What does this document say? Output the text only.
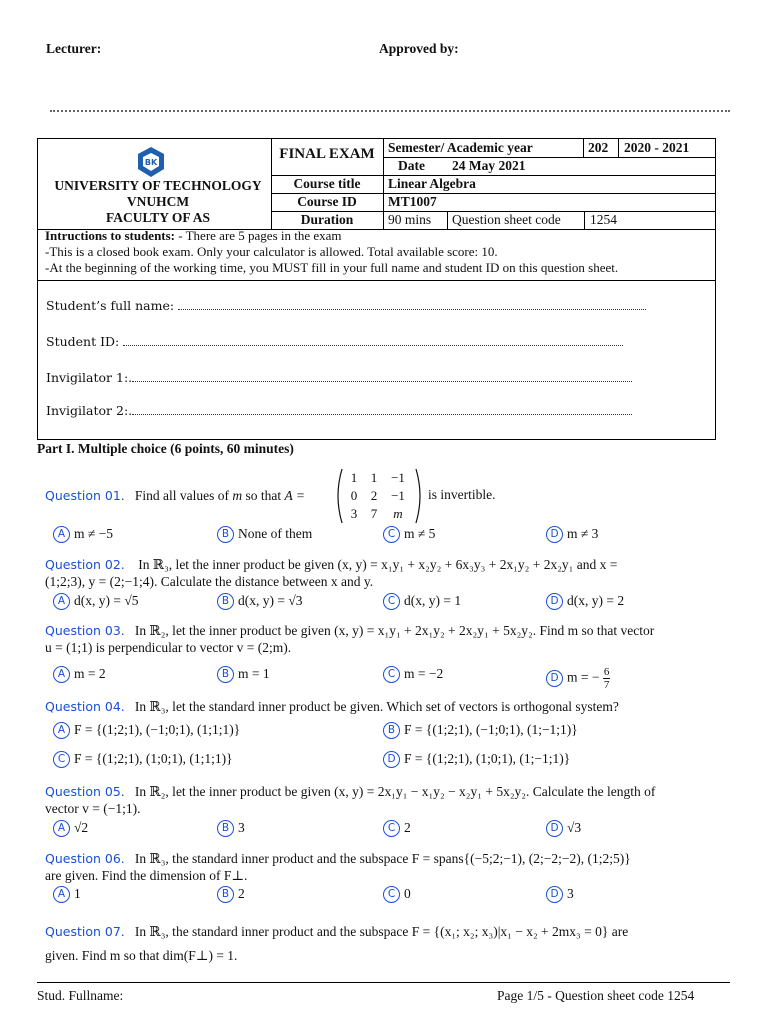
Lecturer:	Approved by:
BK
UNIVERSITY OF TECHNOLOGY
VNUHCM
FACULTY OF AS
FINAL EXAM Semester/ Academic year	202 2020 - 2021
Date 24 May 2021
Course title	Linear Algebra
Course ID	MT1007
Duration	90 mins Question sheet code 1254
Intructions to students: - There are 5 pages in the exam
-This is a closed book exam. Only your calculator is allowed. Total available score: 10.
-At the beginning of the working time, you MUST fill in your full name and student ID on this question sheet.
Student’s full name:
Student ID:
Invigilator 1:.
Invigilator 2:.
Part I. Multiple choice (6 points, 60 minutes)
Question 01. Find all values of m so that A =
1 1 −1
0 2 −1
3 7 m
is invertible.
A m ≠ −5	B None of them	C m ≠ 5	D m ≠ 3
Question 02. In ℝ₃, let the inner product be given (x, y) = x₁y₁ + x₂y₂ + 6x₃y₃ + 2x₁y₂ + 2x₂y₁ and x =
(1;2;3), y = (2;−1;4). Calculate the distance between x and y.
A d(x, y) = √5	B d(x, y) = √3	C d(x, y) = 1	D d(x, y) = 2
Question 03. In ℝ₂, let the inner product be given (x, y) = x₁y₁ + 2x₁y₂ + 2x₂y₁ + 5x₂y₂. Find m so that vector
u = (1;1) is perpendicular to vector v = (2;m).
A m = 2	B m = 1	C m = −2	D m = − $\frac{6}{7}$
Question 04. In ℝ₃, let the standard inner product be given. Which set of vectors is orthogonal system?
A F = {(1;2;1), (−1;0;1), (1;1;1)}	B F = {(1;2;1), (−1;0;1), (1;−1;1)}
C F = {(1;2;1), (1;0;1), (1;1;1)}	D F = {(1;2;1), (1;0;1), (1;−1;1)}
Question 05. In ℝ₂, let the inner product be given (x, y) = 2x₁y₁ − x₁y₂ − x₂y₁ + 5x₂y₂. Calculate the length of
vector v = (−1;1).
A √2	B 3	C 2	D √3
Question 06. In ℝ₃, the standard inner product and the subspace F = spans{(−5;2;−1), (2;−2;−2), (1;2;5)}
are given. Find the dimension of F⊥.
A 1	B 2	C 0	D 3
Question 07. In ℝ₃, the standard inner product and the subspace F = {(x₁; x₂; x₃)|x₁ − x₂ + 2mx₃ = 0} are
given. Find m so that dim(F⊥) = 1.
Stud. Fullname:	Page 1/5 - Question sheet code 1254
